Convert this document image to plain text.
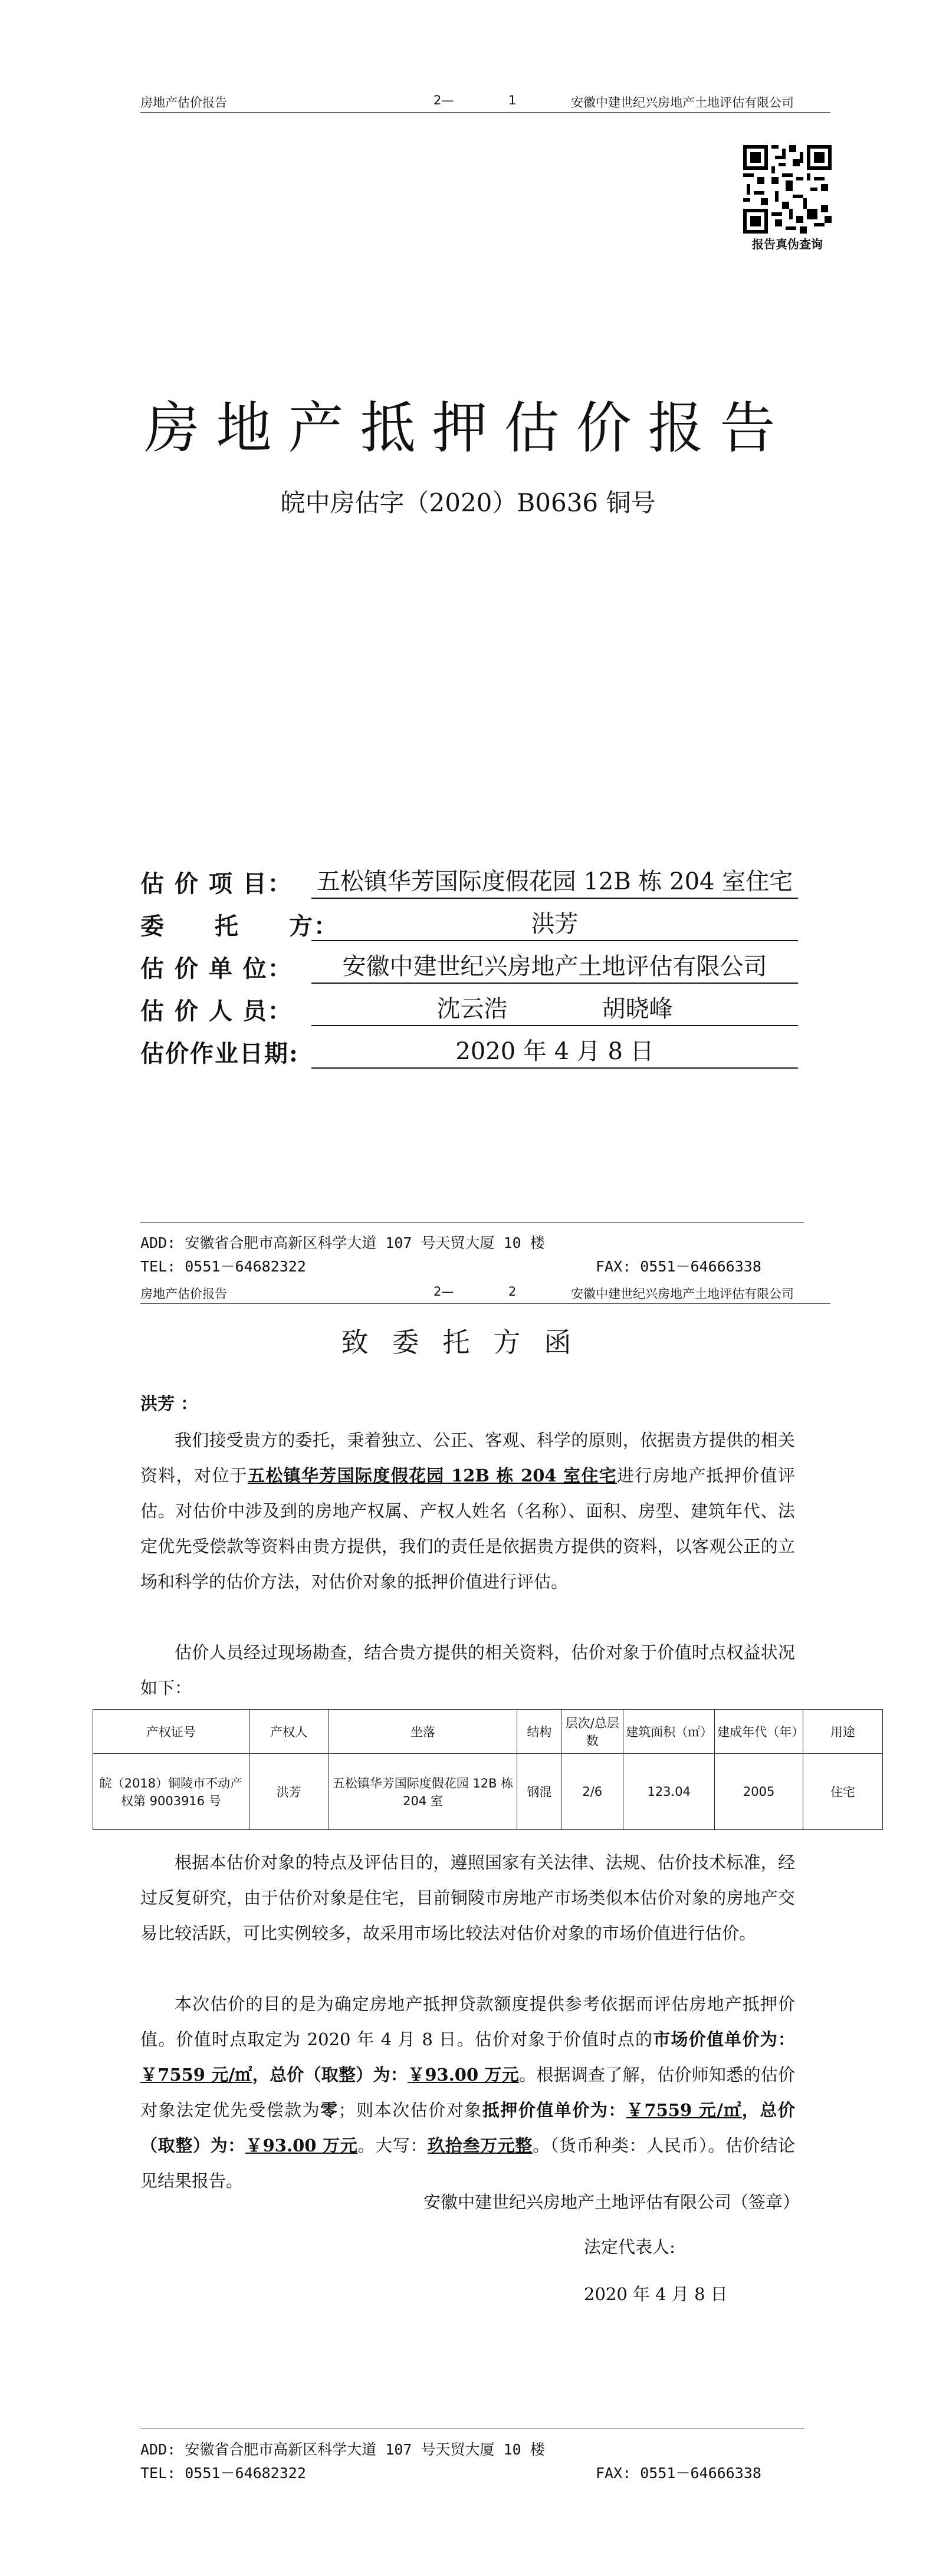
房地产估价报告	2—	1	安徽中建世纪兴房地产土地评估有限公司
报告真伪查询
房地产抵押估价报告
皖中房估字（2020）B0636 铜号
估 价 项 目：	五松镇华芳国际度假花园 12B 栋 204 室住宅
委　　托　　方：	洪芳
估 价 单 位：	安徽中建世纪兴房地产土地评估有限公司
估 价 人 员：	沈云浩　　　　胡晓峰
估价作业日期:	2020 年 4 月 8 日
ADD: 安徽省合肥市高新区科学大道 107 号天贸大厦 10 楼
TEL: 0551－64682322	FAX: 0551－64666338
房地产估价报告	2—	2	安徽中建世纪兴房地产土地评估有限公司
致委托方函
洪芳 ：
我们接受贵方的委托，秉着独立、公正、客观、科学的原则，依据贵方提供的相关资料，对位于五松镇华芳国际度假花园 12B 栋 204 室住宅进行房地产抵押价值评估。对估价中涉及到的房地产权属、产权人姓名（名称）、面积、房型、建筑年代、法定优先受偿款等资料由贵方提供，我们的责任是依据贵方提供的资料，以客观公正的立场和科学的估价方法，对估价对象的抵押价值进行评估。
估价人员经过现场勘查，结合贵方提供的相关资料，估价对象于价值时点权益状况如下：
产权证号	产权人	坐落	结构	层次/总层数	建筑面积（㎡）	建成年代（年）	用途
皖（2018）铜陵市不动产权第 9003916 号	洪芳	五松镇华芳国际度假花园 12B 栋 204 室	钢混	2/6	123.04	2005	住宅
根据本估价对象的特点及评估目的，遵照国家有关法律、法规、估价技术标准，经过反复研究，由于估价对象是住宅，目前铜陵市房地产市场类似本估价对象的房地产交易比较活跃，可比实例较多，故采用市场比较法对估价对象的市场价值进行估价。
本次估价的目的是为确定房地产抵押贷款额度提供参考依据而评估房地产抵押价值。价值时点取定为 2020 年 4 月 8 日。估价对象于价值时点的市场价值单价为：￥7559 元/㎡，总价（取整）为：￥93.00 万元。根据调查了解，估价师知悉的估价对象法定优先受偿款为零；则本次估价对象抵押价值单价为：￥7559 元/㎡，总价（取整）为：￥93.00 万元。大写：玖拾叁万元整。（货币种类：人民币）。估价结论见结果报告。
安徽中建世纪兴房地产土地评估有限公司（签章）
法定代表人:
2020 年 4 月 8 日
ADD: 安徽省合肥市高新区科学大道 107 号天贸大厦 10 楼
TEL: 0551－64682322	FAX: 0551－64666338
